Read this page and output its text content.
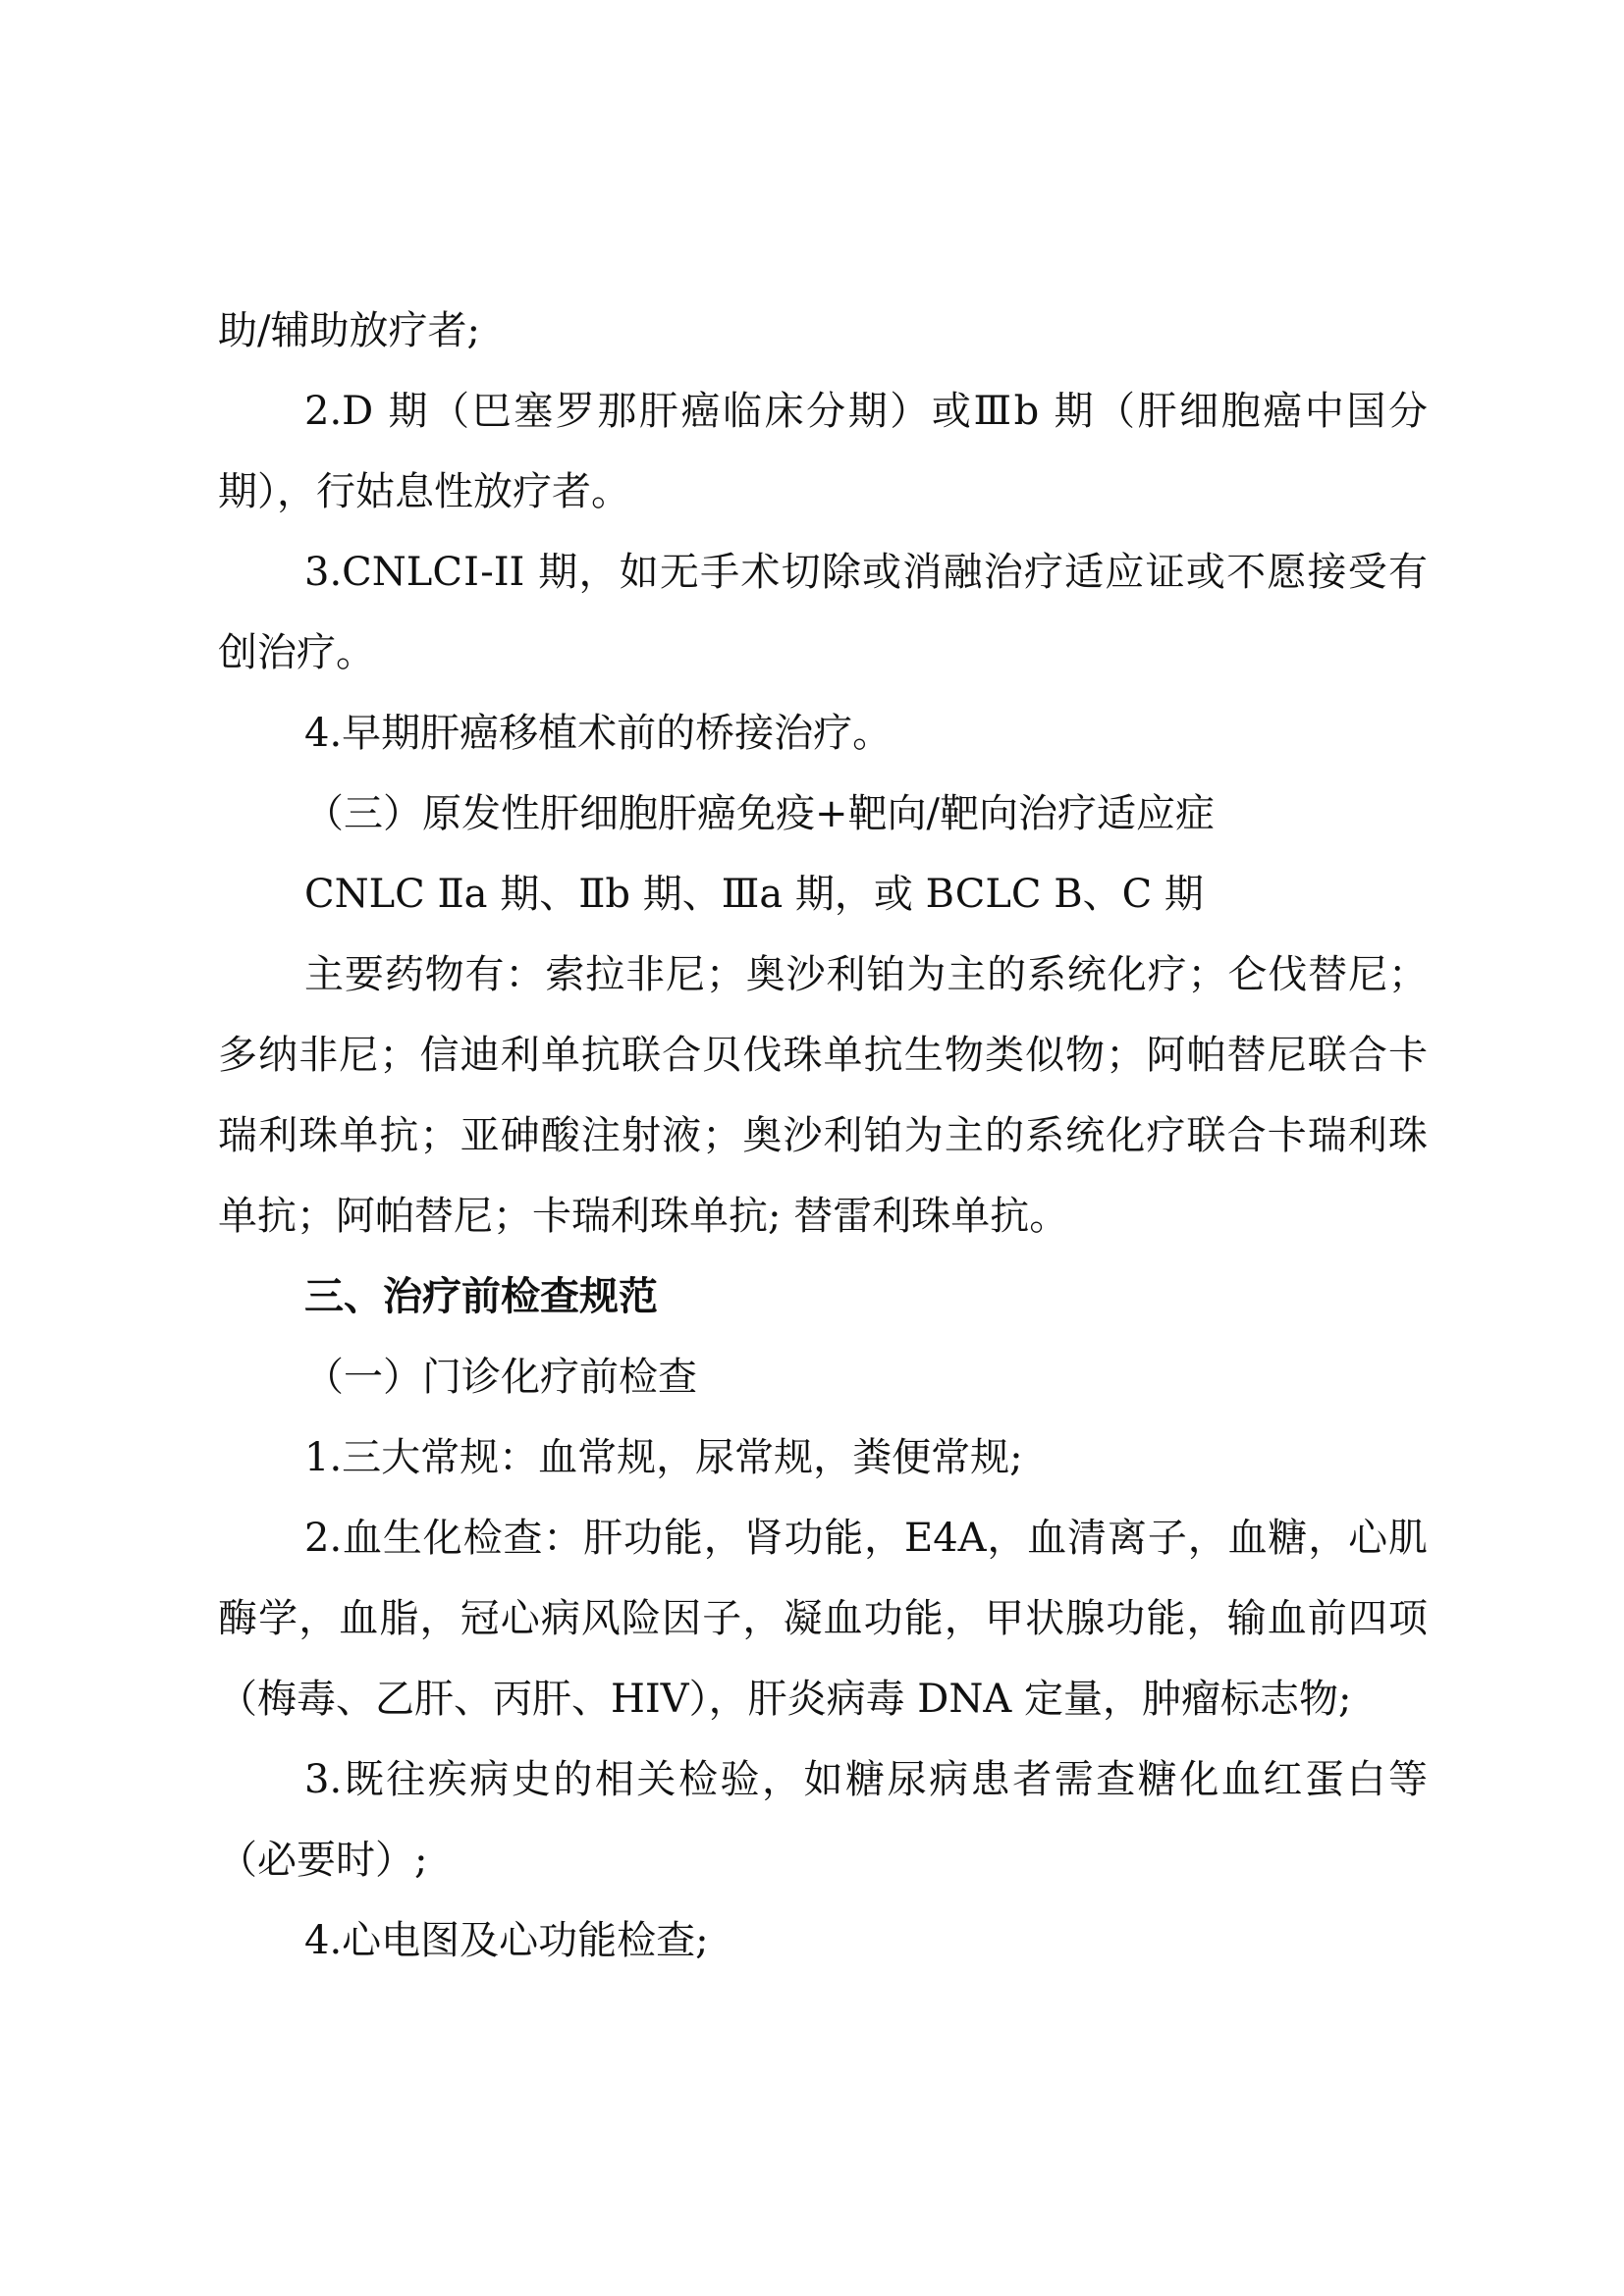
助/辅助放疗者;

2.D 期（巴塞罗那肝癌临床分期）或Ⅲb 期（肝细胞癌中国分期），行姑息性放疗者。

3.CNLCⅠ-II 期，如无手术切除或消融治疗适应证或不愿接受有创治疗。

4.早期肝癌移植术前的桥接治疗。

（三）原发性肝细胞肝癌免疫+靶向/靶向治疗适应症

CNLC Ⅱa 期、Ⅱb 期、Ⅲa 期，或 BCLC B、C 期

主要药物有：索拉非尼；奥沙利铂为主的系统化疗；仑伐替尼；多纳非尼；信迪利单抗联合贝伐珠单抗生物类似物；阿帕替尼联合卡瑞利珠单抗；亚砷酸注射液；奥沙利铂为主的系统化疗联合卡瑞利珠单抗；阿帕替尼；卡瑞利珠单抗; 替雷利珠单抗。

三、治疗前检查规范

（一）门诊化疗前检查

1.三大常规：血常规，尿常规，粪便常规;

2.血生化检查：肝功能，肾功能，E4A，血清离子，血糖，心肌酶学，血脂，冠心病风险因子，凝血功能，甲状腺功能，输血前四项（梅毒、乙肝、丙肝、HIV），肝炎病毒 DNA 定量，肿瘤标志物;

3.既往疾病史的相关检验，如糖尿病患者需查糖化血红蛋白等（必要时）;

4.心电图及心功能检查;
